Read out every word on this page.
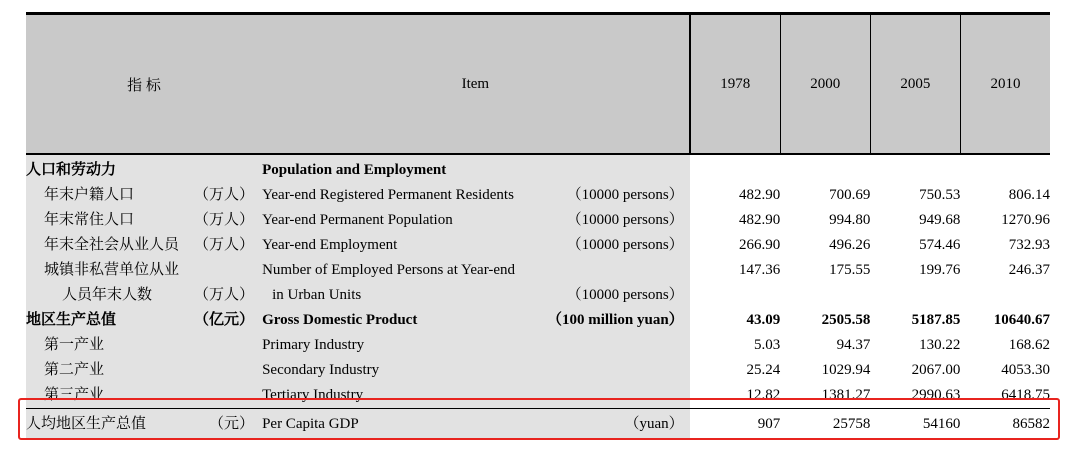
指 标	Item	1978	2000	2005	2010
人口和劳动力	Population and Employment				
年末户籍人口 （万人）	Year-end Registered Permanent Residents （10000 persons）	482.90	700.69	750.53	806.14
年末常住人口 （万人）	Year-end Permanent Population （10000 persons）	482.90	994.80	949.68	1270.96
年末全社会从业人员 （万人）	Year-end Employment （10000 persons）	266.90	496.26	574.46	732.93
城镇非私营单位从业	Number of Employed Persons at Year-end	147.36	175.55	199.76	246.37
人员年末人数 （万人）	in Urban Units （10000 persons）				

地区生产总值 （亿元）	Gross Domestic Product （100 million yuan）	43.09	2505.58	5187.85	10640.67
第一产业	Primary Industry	5.03	94.37	130.22	168.62
第二产业	Secondary Industry	25.24	1029.94	2067.00	4053.30
第三产业	Tertiary Industry	12.82	1381.27	2990.63	6418.75
人均地区生产总值 （元）	Per Capita GDP （yuan）	907	25758	54160	86582
